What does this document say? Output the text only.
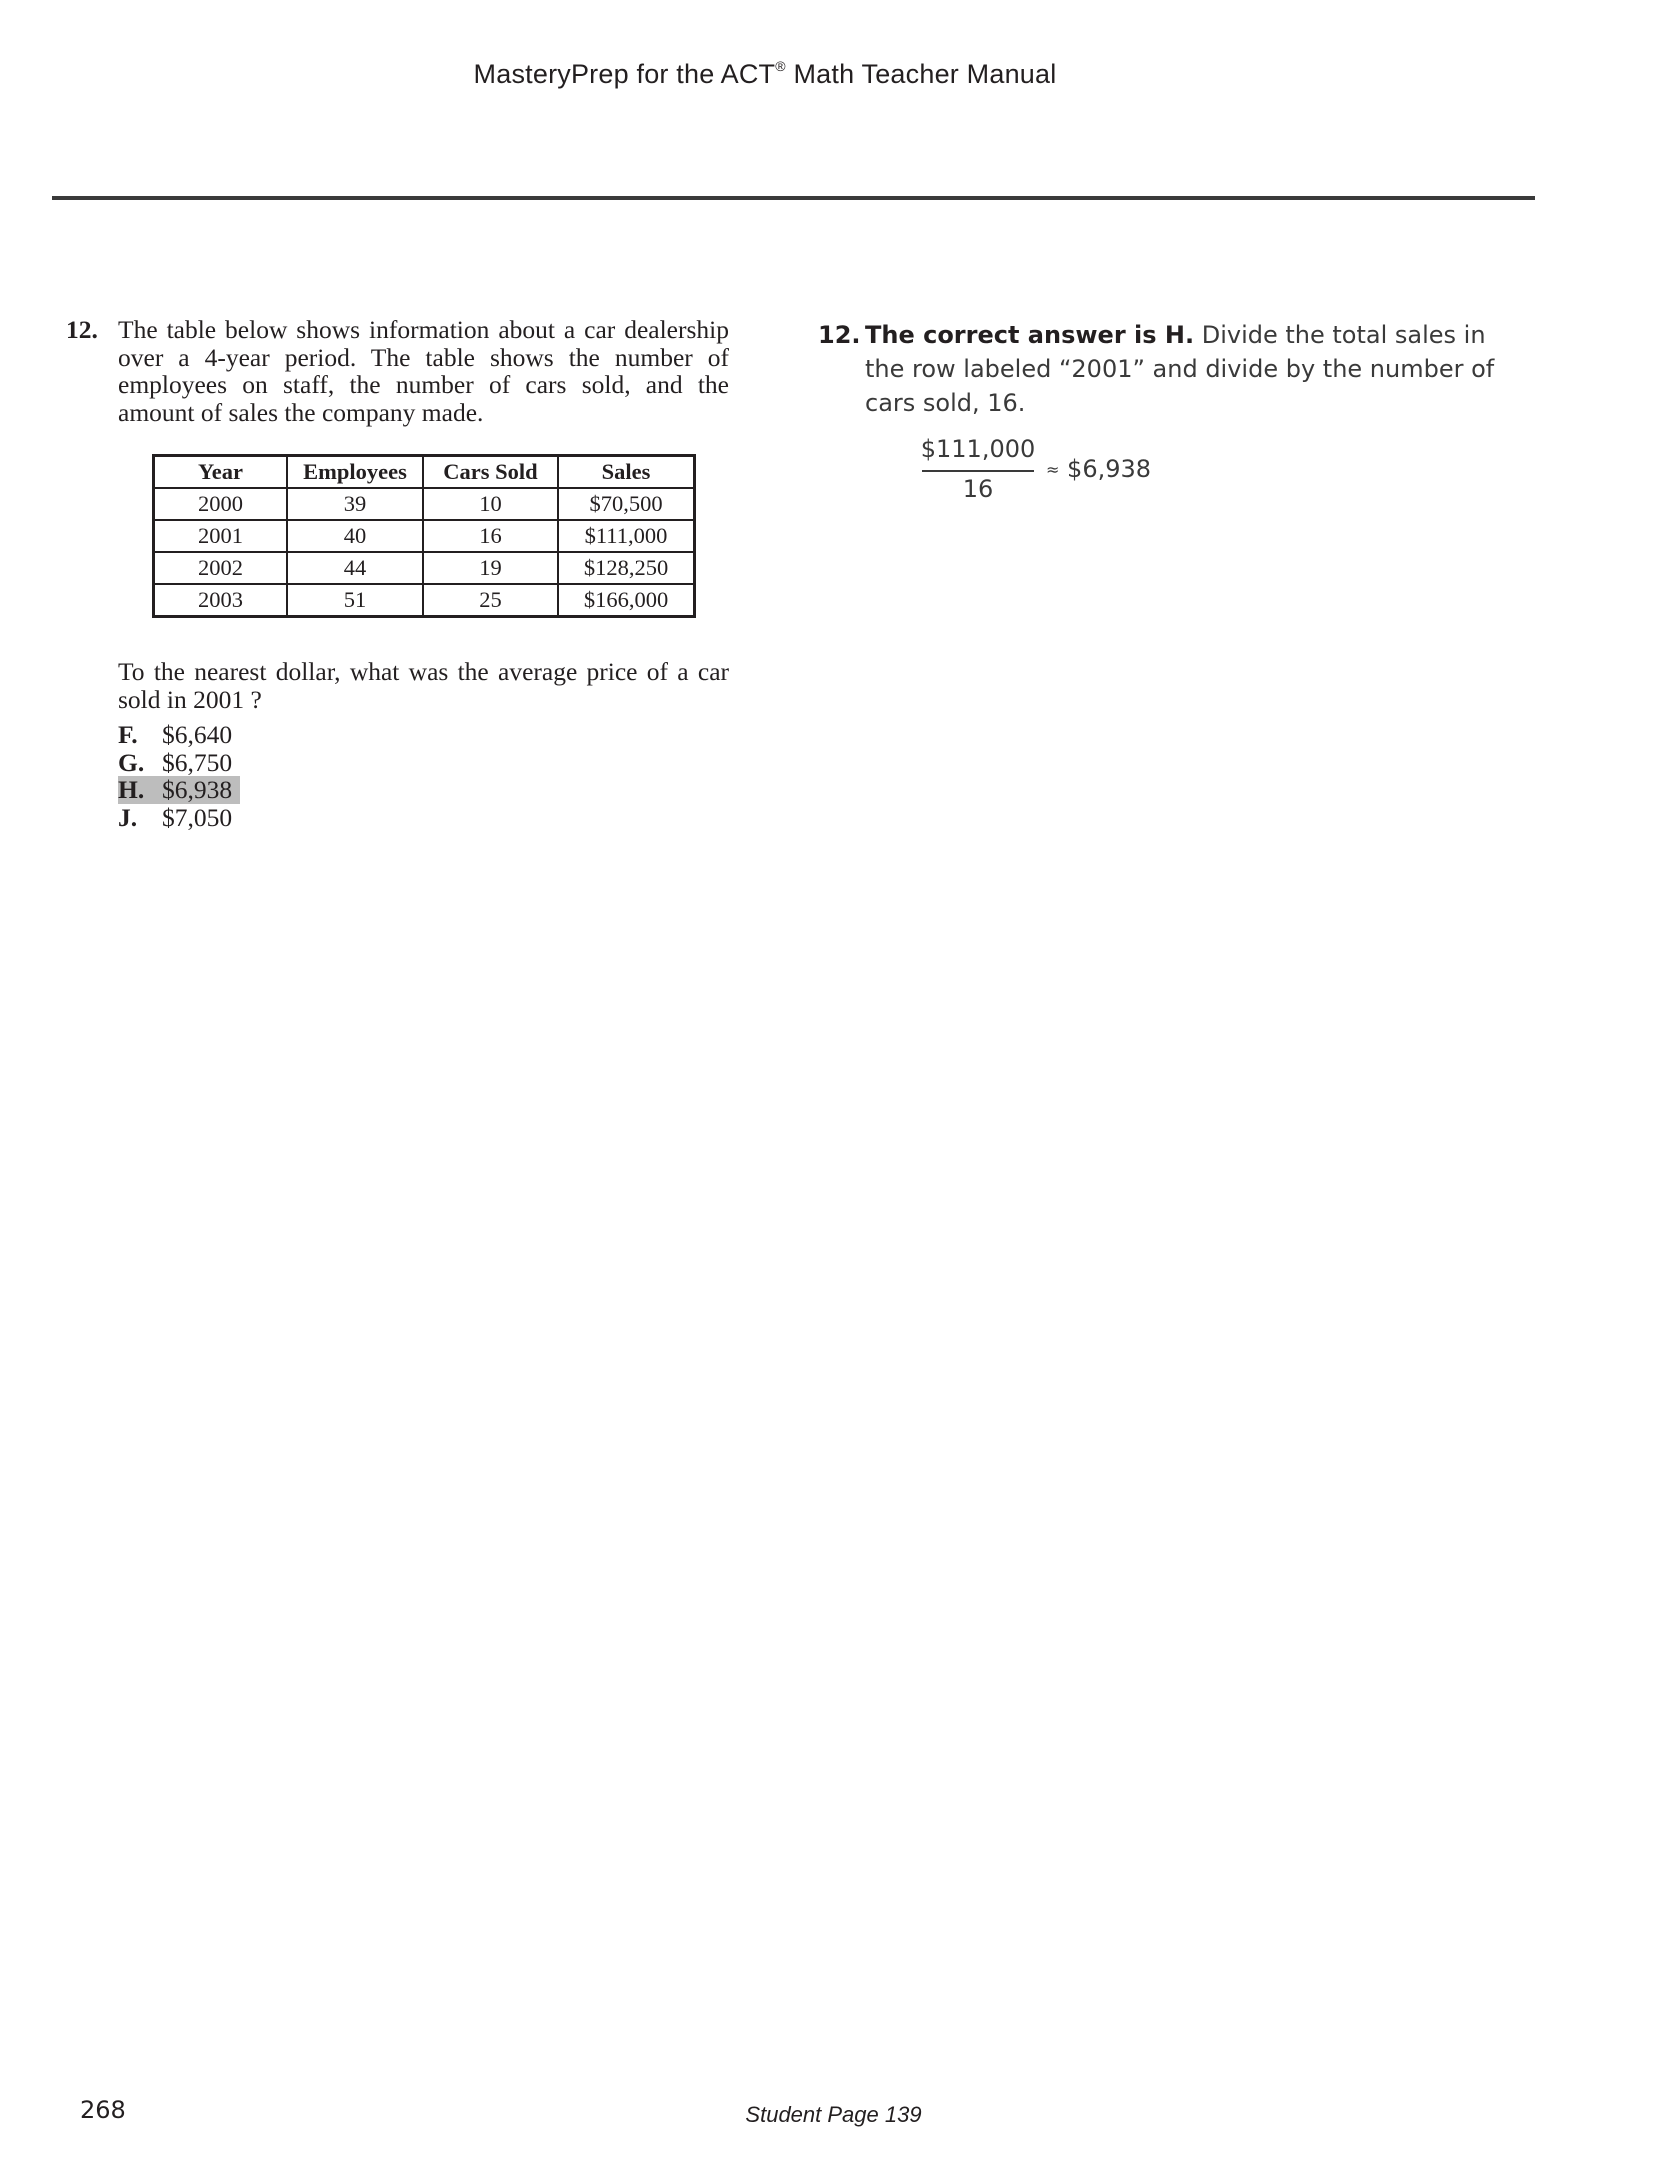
MasteryPrep for the ACT® Math Teacher Manual
12. The table below shows information about a car dealership over a 4-year period. The table shows the number of employees on staff, the number of cars sold, and the amount of sales the company made.
Year	Employees	Cars Sold	Sales
2000	39	10	$70,500
2001	40	16	$111,000
2002	44	19	$128,250
2003	51	25	$166,000
To the nearest dollar, what was the average price of a car sold in 2001 ?
F. $6,640
G. $6,750
H. $6,938
J. $7,050
12. The correct answer is H. Divide the total sales in the row labeled “2001” and divide by the number of cars sold, 16.
$111,000
16
≈ $6,938
268	Student Page 139
